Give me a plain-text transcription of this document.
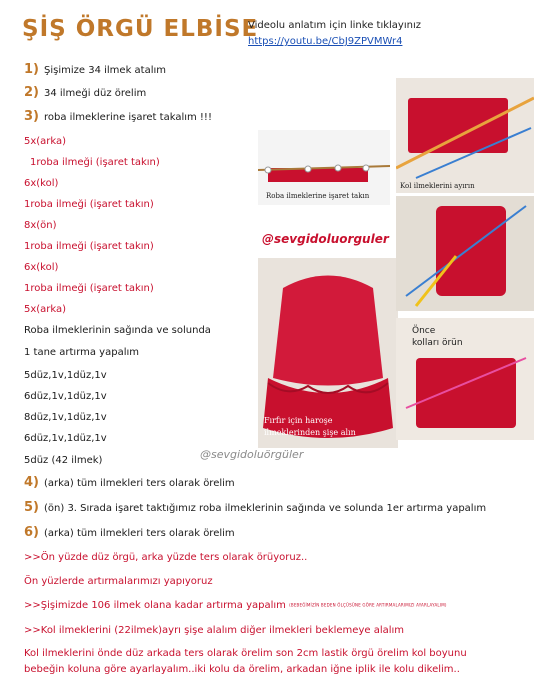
ŞİŞ ÖRGÜ ELBİSE
Videolu anlatım için linke tıklayınız
https://youtu.be/CbJ9ZPVMWr4
1) Şişimize 34 ilmek atalım
2) 34 ilmeği düz örelim
3) roba ilmeklerine işaret takalım !!!
5x(arka)
1roba ilmeği (işaret takın)
6x(kol)
1roba ilmeği (işaret takın)
8x(ön)
1roba ilmeği (işaret takın)
6x(kol)
1roba ilmeği (işaret takın)
5x(arka)
Roba ilmeklerinin sağında ve solunda
1 tane artırma yapalım
5düz,1v,1düz,1v
6düz,1v,1düz,1v
8düz,1v,1düz,1v
6düz,1v,1düz,1v
5düz (42 ilmek)
4) (arka) tüm ilmekleri ters olarak örelim
5) (ön) 3. Sırada işaret taktığımız roba ilmeklerinin sağında ve solunda 1er artırma yapalım
6) (arka) tüm ilmekleri ters olarak örelim
>>Ön yüzde düz örgü, arka yüzde ters olarak örüyoruz..
Ön yüzlerde artırmalarımızı yapıyoruz
>>Şişimizde 106 ilmek olana kadar artırma yapalım (BEBEĞİMİZİN BEDEN ÖLÇÜSÜNE GÖRE ARTIRMALARIMIZI AYARLAYALIM)
>>Kol ilmeklerini (22ilmek)ayrı şişe alalım diğer ilmekleri beklemeye alalım
Kol ilmeklerini önde düz arkada ters olarak örelim son 2cm lastik örgü örelim kol boyunu
bebeğin koluna göre ayarlayalım..iki kolu da örelim, arkadan iğne iplik ile kolu dikelim..
Roba ilmeklerine işaret takın
Kol ilmeklerini ayırın
Fırfır için haroşe
ilmeklerinden şişe alın
Önce
kolları örün
@sevgidoluorguler
@sevgidoluörgüler
